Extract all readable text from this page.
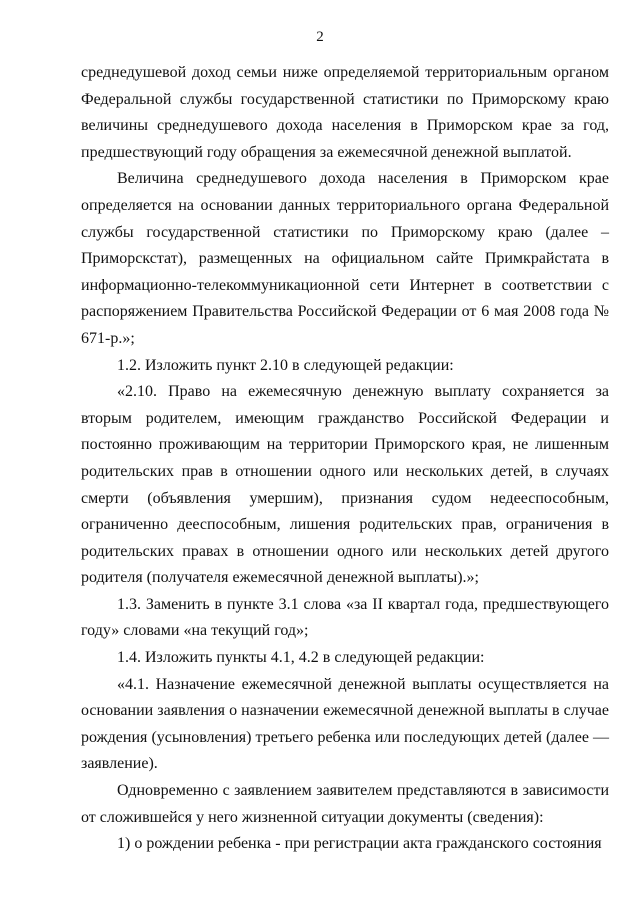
2

среднедушевой доход семьи ниже определяемой территориальным органом Федеральной службы государственной статистики по Приморскому краю величины среднедушевого дохода населения в Приморском крае за год, предшествующий году обращения за ежемесячной денежной выплатой.

Величина среднедушевого дохода населения в Приморском крае определяется на основании данных территориального органа Федеральной службы государственной статистики по Приморскому краю (далее – Приморскстат), размещенных на официальном сайте Примкрайстата в информационно-телекоммуникационной сети Интернет в соответствии с распоряжением Правительства Российской Федерации от 6 мая 2008 года № 671-р.»;

1.2. Изложить пункт 2.10 в следующей редакции:

«2.10. Право на ежемесячную денежную выплату сохраняется за вторым родителем, имеющим гражданство Российской Федерации и постоянно проживающим на территории Приморского края, не лишенным родительских прав в отношении одного или нескольких детей, в случаях смерти (объявления умершим), признания судом недееспособным, ограниченно дееспособным, лишения родительских прав, ограничения в родительских правах в отношении одного или нескольких детей другого родителя (получателя ежемесячной денежной выплаты).»;

1.3. Заменить в пункте 3.1 слова «за II квартал года, предшествующего году» словами «на текущий год»;

1.4. Изложить пункты 4.1, 4.2 в следующей редакции:

«4.1. Назначение ежемесячной денежной выплаты осуществляется на основании заявления о назначении ежемесячной денежной выплаты в случае рождения (усыновления) третьего ребенка или последующих детей (далее — заявление).

Одновременно с заявлением заявителем представляются в зависимости от сложившейся у него жизненной ситуации документы (сведения):

1) о рождении ребенка - при регистрации акта гражданского состояния
